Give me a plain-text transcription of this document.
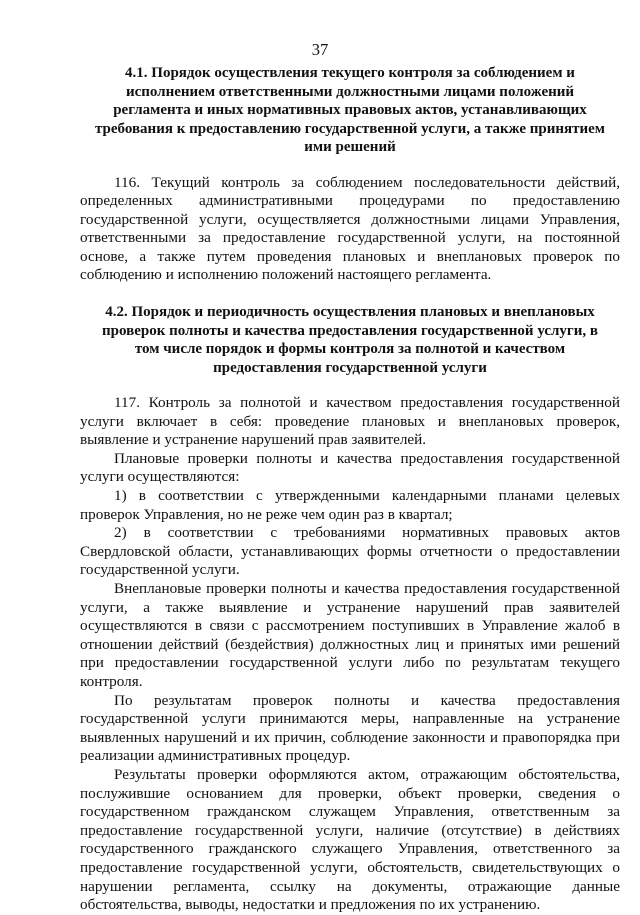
37

4.1. Порядок осуществления текущего контроля за соблюдением и исполнением ответственными должностными лицами положений регламента и иных нормативных правовых актов, устанавливающих требования к предоставлению государственной услуги, а также принятием ими решений

116. Текущий контроль за соблюдением последовательности действий, определенных административными процедурами по предоставлению государственной услуги, осуществляется должностными лицами Управления, ответственными за предоставление государственной услуги, на постоянной основе, а также путем проведения плановых и внеплановых проверок по соблюдению и исполнению положений настоящего регламента.

4.2. Порядок и периодичность осуществления плановых и внеплановых проверок полноты и качества предоставления государственной услуги, в том числе порядок и формы контроля за полнотой и качеством предоставления государственной услуги

117. Контроль за полнотой и качеством предоставления государственной услуги включает в себя: проведение плановых и внеплановых проверок, выявление и устранение нарушений прав заявителей.

Плановые проверки полноты и качества предоставления государственной услуги осуществляются:

1) в соответствии с утвержденными календарными планами целевых проверок Управления, но не реже чем один раз в квартал;

2) в соответствии с требованиями нормативных правовых актов Свердловской области, устанавливающих формы отчетности о предоставлении государственной услуги.

Внеплановые проверки полноты и качества предоставления государственной услуги, а также выявление и устранение нарушений прав заявителей осуществляются в связи с рассмотрением поступивших в Управление жалоб в отношении действий (бездействия) должностных лиц и принятых ими решений при предоставлении государственной услуги либо по результатам текущего контроля.

По результатам проверок полноты и качества предоставления государственной услуги принимаются меры, направленные на устранение выявленных нарушений и их причин, соблюдение законности и правопорядка при реализации административных процедур.

Результаты проверки оформляются актом, отражающим обстоятельства, послужившие основанием для проверки, объект проверки, сведения о государственном гражданском служащем Управления, ответственным за предоставление государственной услуги, наличие (отсутствие) в действиях государственного гражданского служащего Управления, ответственного за предоставление государственной услуги, обстоятельств, свидетельствующих о нарушении регламента, ссылку на документы, отражающие данные обстоятельства, выводы, недостатки и предложения по их устранению.
